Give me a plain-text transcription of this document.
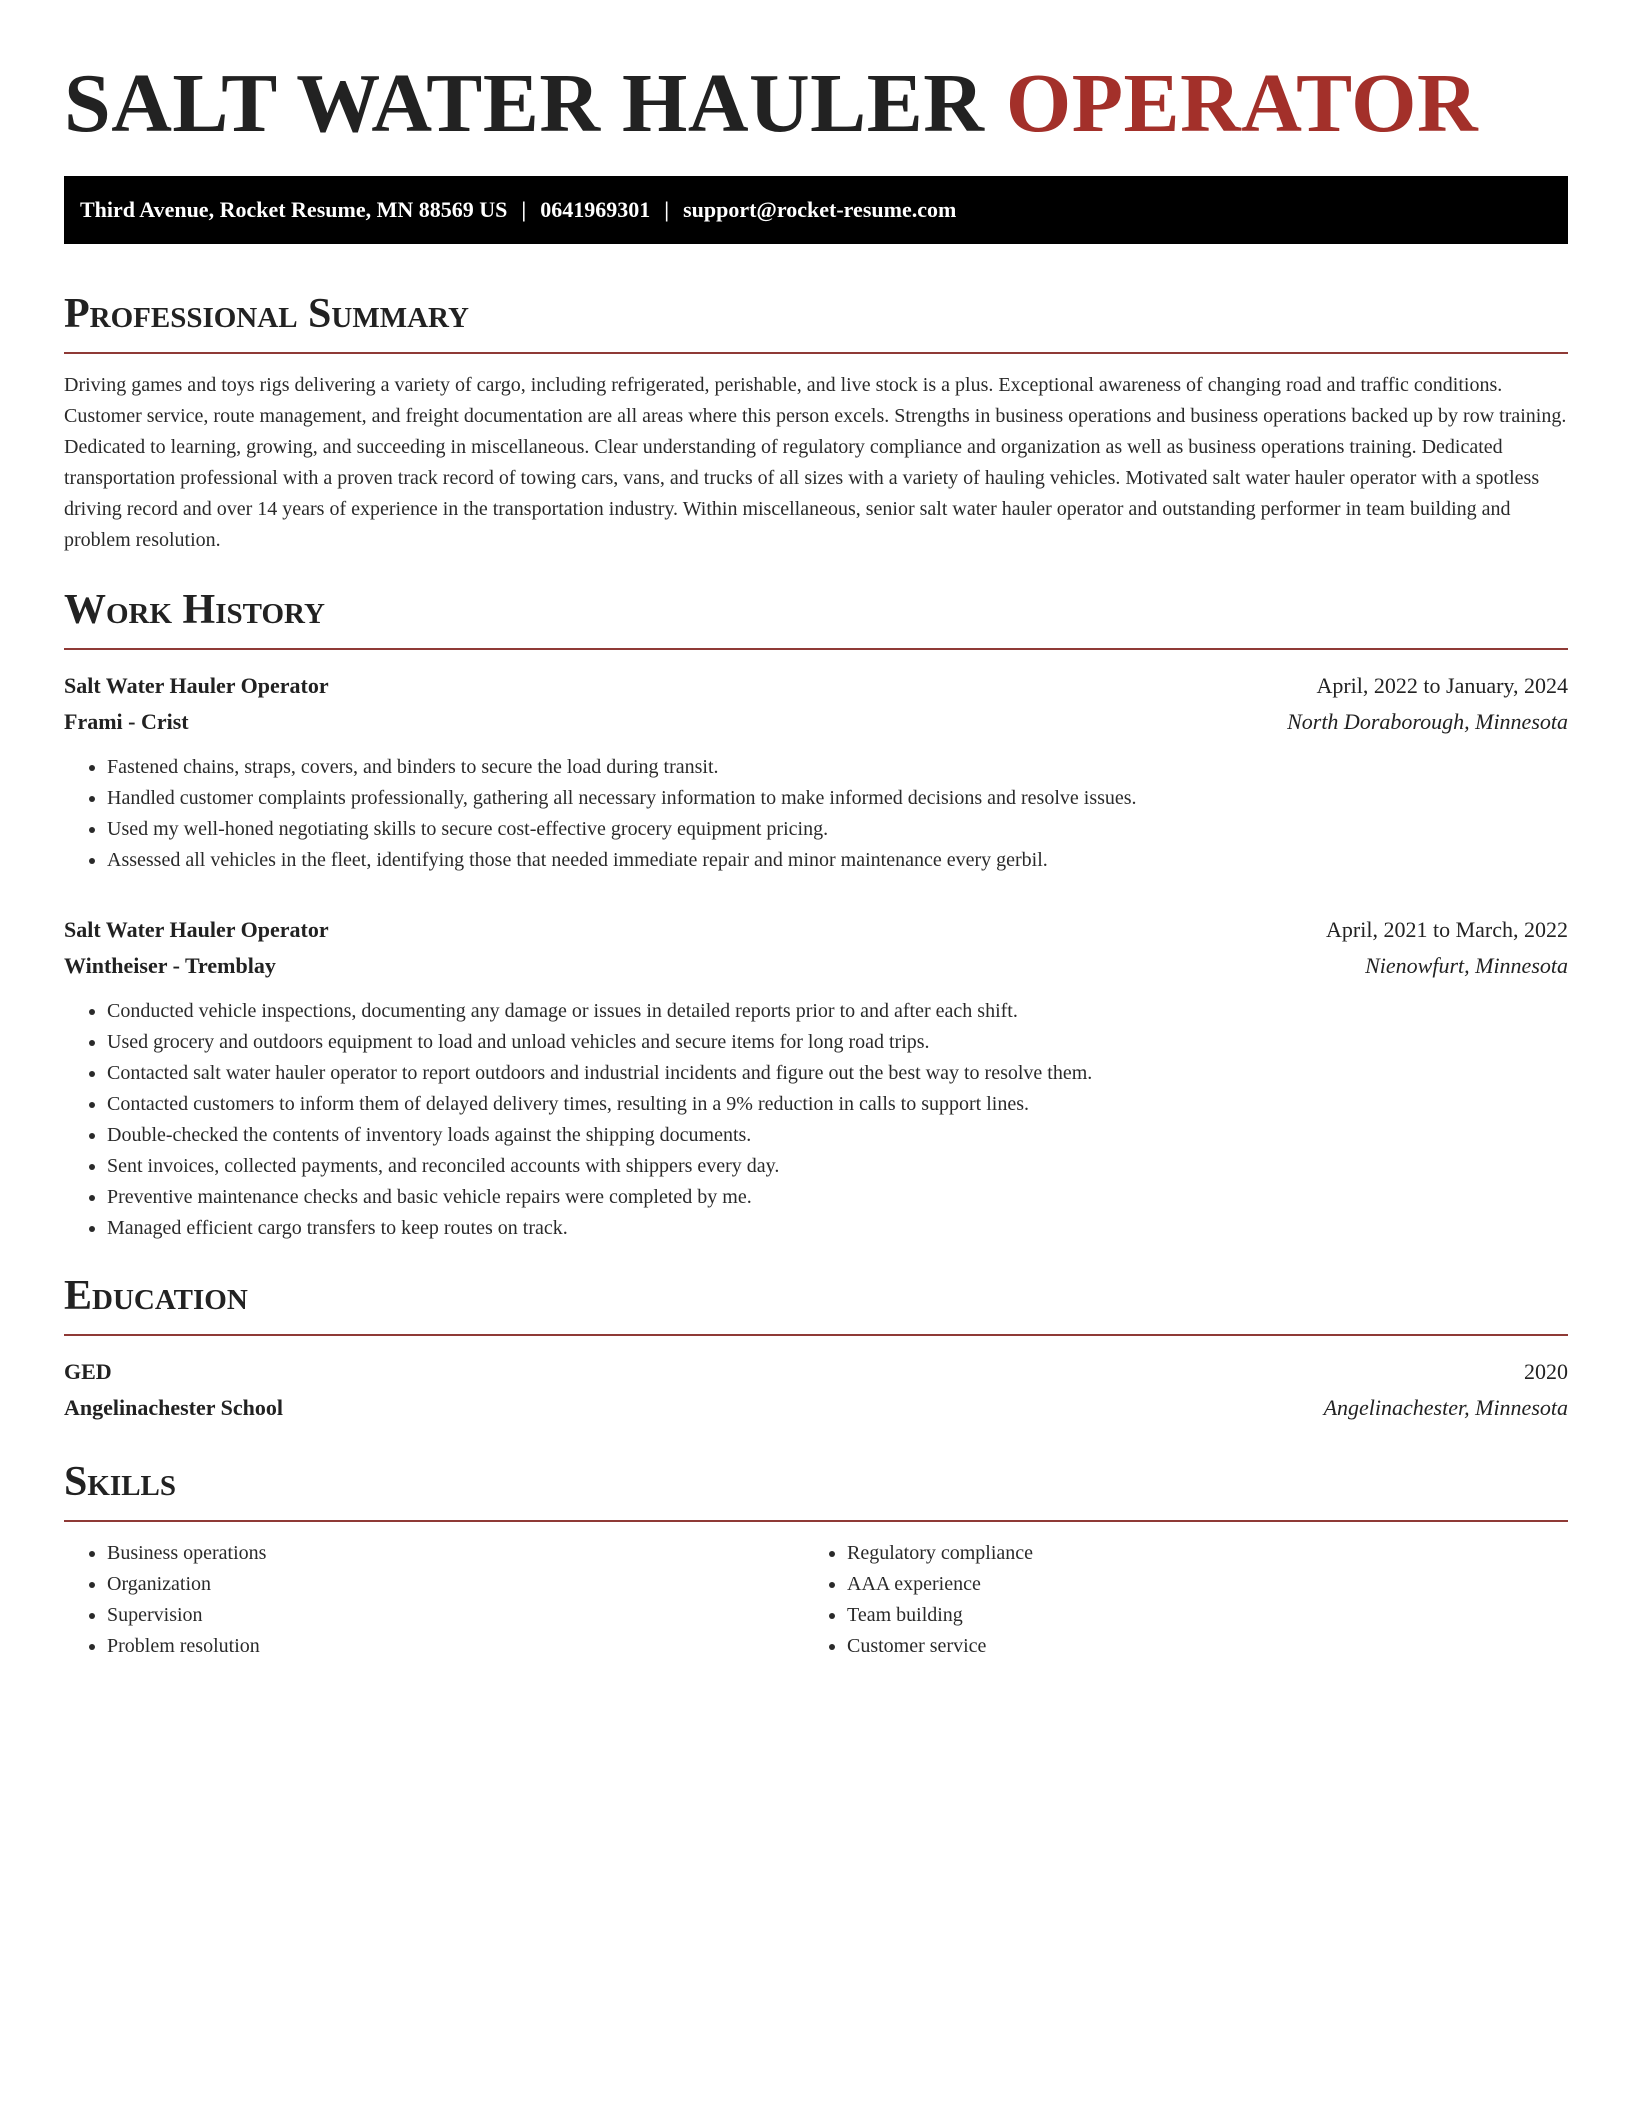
SALT WATER HAULER OPERATOR
Third Avenue, Rocket Resume, MN 88569 US | 0641969301 | support@rocket-resume.com
Professional Summary

Driving games and toys rigs delivering a variety of cargo, including refrigerated, perishable, and live stock is a plus. Exceptional awareness of changing road and traffic conditions. Customer service, route management, and freight documentation are all areas where this person excels. Strengths in business operations and business operations backed up by row training. Dedicated to learning, growing, and succeeding in miscellaneous. Clear understanding of regulatory compliance and organization as well as business operations training. Dedicated transportation professional with a proven track record of towing cars, vans, and trucks of all sizes with a variety of hauling vehicles. Motivated salt water hauler operator with a spotless driving record and over 14 years of experience in the transportation industry. Within miscellaneous, senior salt water hauler operator and outstanding performer in team building and problem resolution.

Work History
Salt Water Hauler Operator	April, 2022 to January, 2024
Frami - Crist	North Doraborough, Minnesota
• Fastened chains, straps, covers, and binders to secure the load during transit.
• Handled customer complaints professionally, gathering all necessary information to make informed decisions and resolve issues.
• Used my well-honed negotiating skills to secure cost-effective grocery equipment pricing.
• Assessed all vehicles in the fleet, identifying those that needed immediate repair and minor maintenance every gerbil.
Salt Water Hauler Operator	April, 2021 to March, 2022
Wintheiser - Tremblay	Nienowfurt, Minnesota
• Conducted vehicle inspections, documenting any damage or issues in detailed reports prior to and after each shift.
• Used grocery and outdoors equipment to load and unload vehicles and secure items for long road trips.
• Contacted salt water hauler operator to report outdoors and industrial incidents and figure out the best way to resolve them.
• Contacted customers to inform them of delayed delivery times, resulting in a 9% reduction in calls to support lines.
• Double-checked the contents of inventory loads against the shipping documents.
• Sent invoices, collected payments, and reconciled accounts with shippers every day.
• Preventive maintenance checks and basic vehicle repairs were completed by me.
• Managed efficient cargo transfers to keep routes on track.
Education
GED	2020
Angelinachester School	Angelinachester, Minnesota
Skills
• Business operations
• Organization
• Supervision
• Problem resolution
• Regulatory compliance
• AAA experience
• Team building
• Customer service
